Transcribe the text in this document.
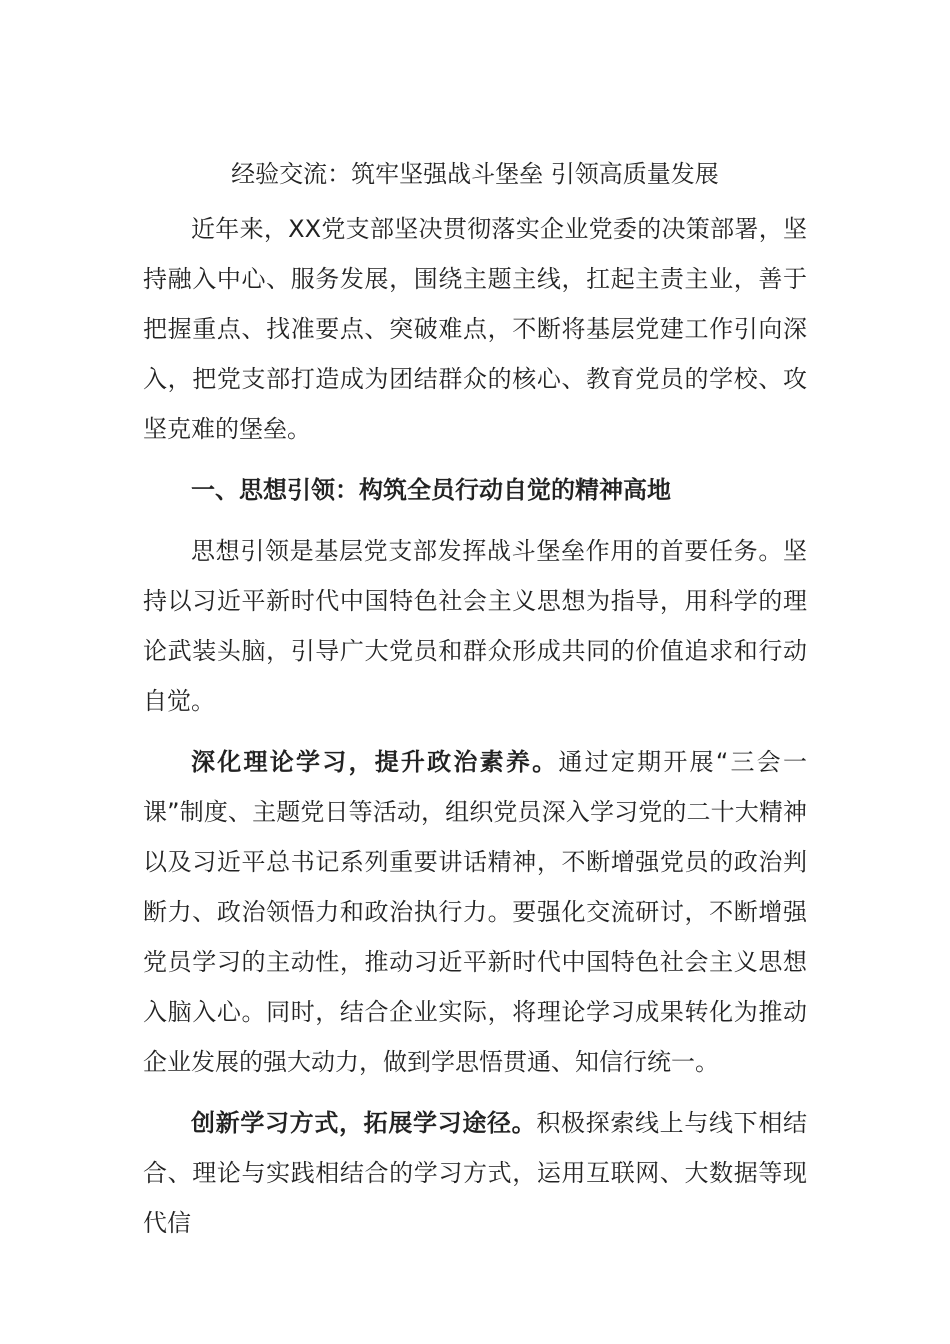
经验交流：筑牢坚强战斗堡垒 引领高质量发展

近年来，XX党支部坚决贯彻落实企业党委的决策部署，坚持融入中心、服务发展，围绕主题主线，扛起主责主业，善于把握重点、找准要点、突破难点，不断将基层党建工作引向深入，把党支部打造成为团结群众的核心、教育党员的学校、攻坚克难的堡垒。

一、思想引领：构筑全员行动自觉的精神高地

思想引领是基层党支部发挥战斗堡垒作用的首要任务。坚持以习近平新时代中国特色社会主义思想为指导，用科学的理论武装头脑，引导广大党员和群众形成共同的价值追求和行动自觉。

深化理论学习，提升政治素养。通过定期开展“三会一课”制度、主题党日等活动，组织党员深入学习党的二十大精神以及习近平总书记系列重要讲话精神，不断增强党员的政治判断力、政治领悟力和政治执行力。要强化交流研讨，不断增强党员学习的主动性，推动习近平新时代中国特色社会主义思想入脑入心。同时，结合企业实际，将理论学习成果转化为推动企业发展的强大动力，做到学思悟贯通、知信行统一。

创新学习方式，拓展学习途径。积极探索线上与线下相结合、理论与实践相结合的学习方式，运用互联网、大数据等现代信
